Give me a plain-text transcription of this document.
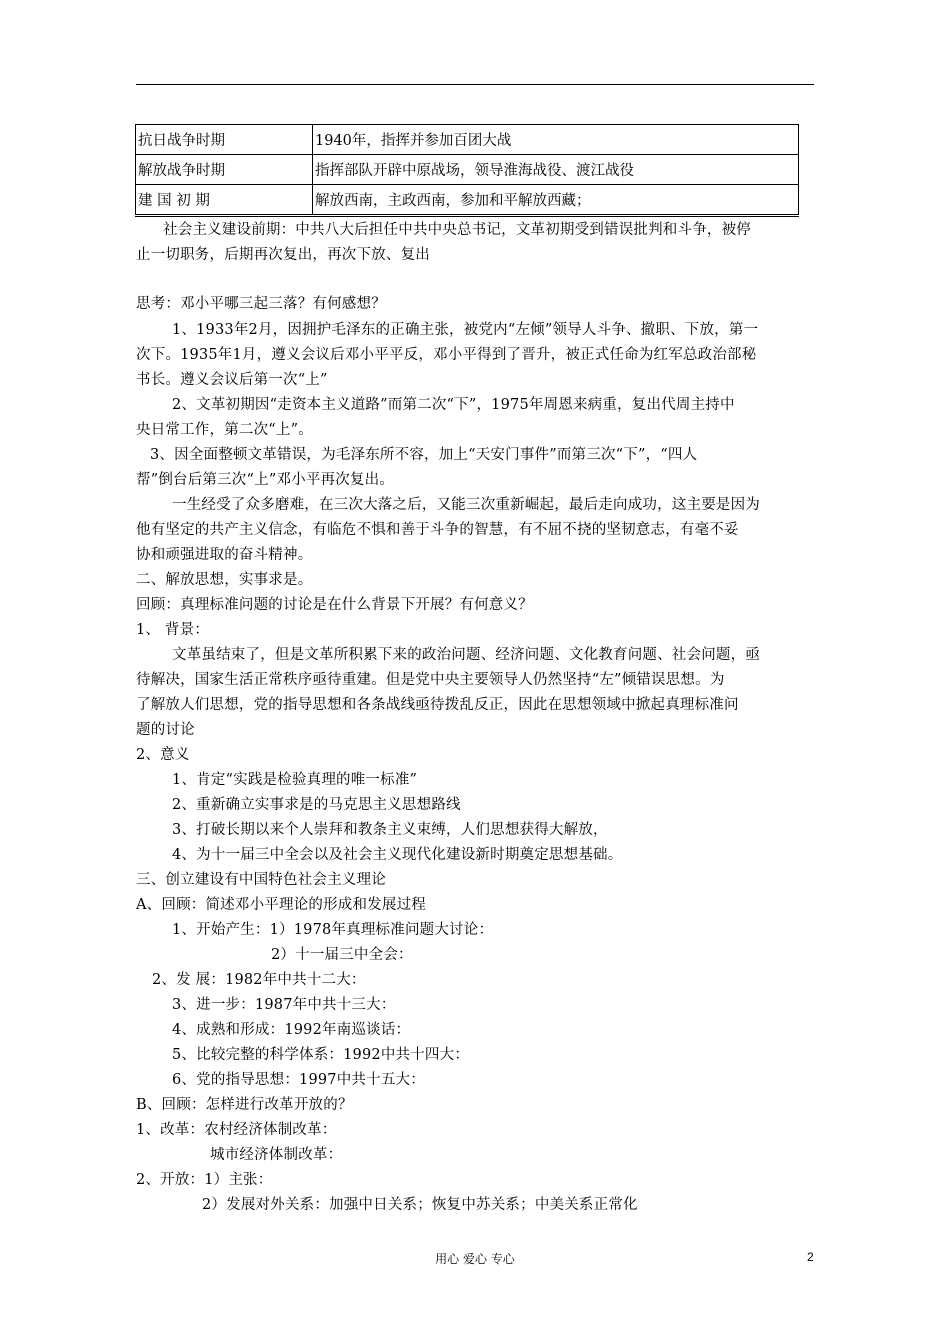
抗日战争时期	1940年，指挥并参加百团大战
解放战争时期	指挥部队开辟中原战场，领导淮海战役、渡江战役
建 国 初 期	解放西南，主政西南，参加和平解放西藏；
社会主义建设前期：中共八大后担任中共中央总书记，文革初期受到错误批判和斗争，被停
止一切职务，后期再次复出，再次下放、复出
思考：邓小平哪三起三落？有何感想？
1、1933年2月，因拥护毛泽东的正确主张，被党内“左倾”领导人斗争、撤职、下放，第一
次下。1935年1月，遵义会议后邓小平平反，邓小平得到了晋升，被正式任命为红军总政治部秘
书长。遵义会议后第一次“上”
2、文革初期因“走资本主义道路”而第二次“下”，1975年周恩来病重，复出代周主持中
央日常工作，第二次“上”。
3、因全面整顿文革错误，为毛泽东所不容，加上“天安门事件”而第三次“下”，“四人
帮”倒台后第三次“上”邓小平再次复出。
一生经受了众多磨难，在三次大落之后，又能三次重新崛起，最后走向成功，这主要是因为
他有坚定的共产主义信念，有临危不惧和善于斗争的智慧，有不屈不挠的坚韧意志，有毫不妥
协和顽强进取的奋斗精神。
二、解放思想，实事求是。
回顾：真理标准问题的讨论是在什么背景下开展？有何意义？
1、 背景：
文革虽结束了，但是文革所积累下来的政治问题、经济问题、文化教育问题、社会问题，亟
待解决，国家生活正常秩序亟待重建。但是党中央主要领导人仍然坚持“左”倾错误思想。为
了解放人们思想，党的指导思想和各条战线亟待拨乱反正，因此在思想领域中掀起真理标准问
题的讨论
2、意义
1、肯定“实践是检验真理的唯一标准”
2、重新确立实事求是的马克思主义思想路线
3、打破长期以来个人崇拜和教条主义束缚，人们思想获得大解放，
4、为十一届三中全会以及社会主义现代化建设新时期奠定思想基础。
三、创立建设有中国特色社会主义理论
A、回顾：简述邓小平理论的形成和发展过程
1、开始产生：1）1978年真理标准问题大讨论：
2）十一届三中全会：
2、发 展：1982年中共十二大：
3、进一步：1987年中共十三大：
4、成熟和形成：1992年南巡谈话：
5、比较完整的科学体系：1992中共十四大：
6、党的指导思想：1997中共十五大：
B、回顾：怎样进行改革开放的？
1、改革：农村经济体制改革：
城市经济体制改革：
2、开放：1）主张：
2）发展对外关系：加强中日关系；恢复中苏关系；中美关系正常化
用心 爱心 专心	2
